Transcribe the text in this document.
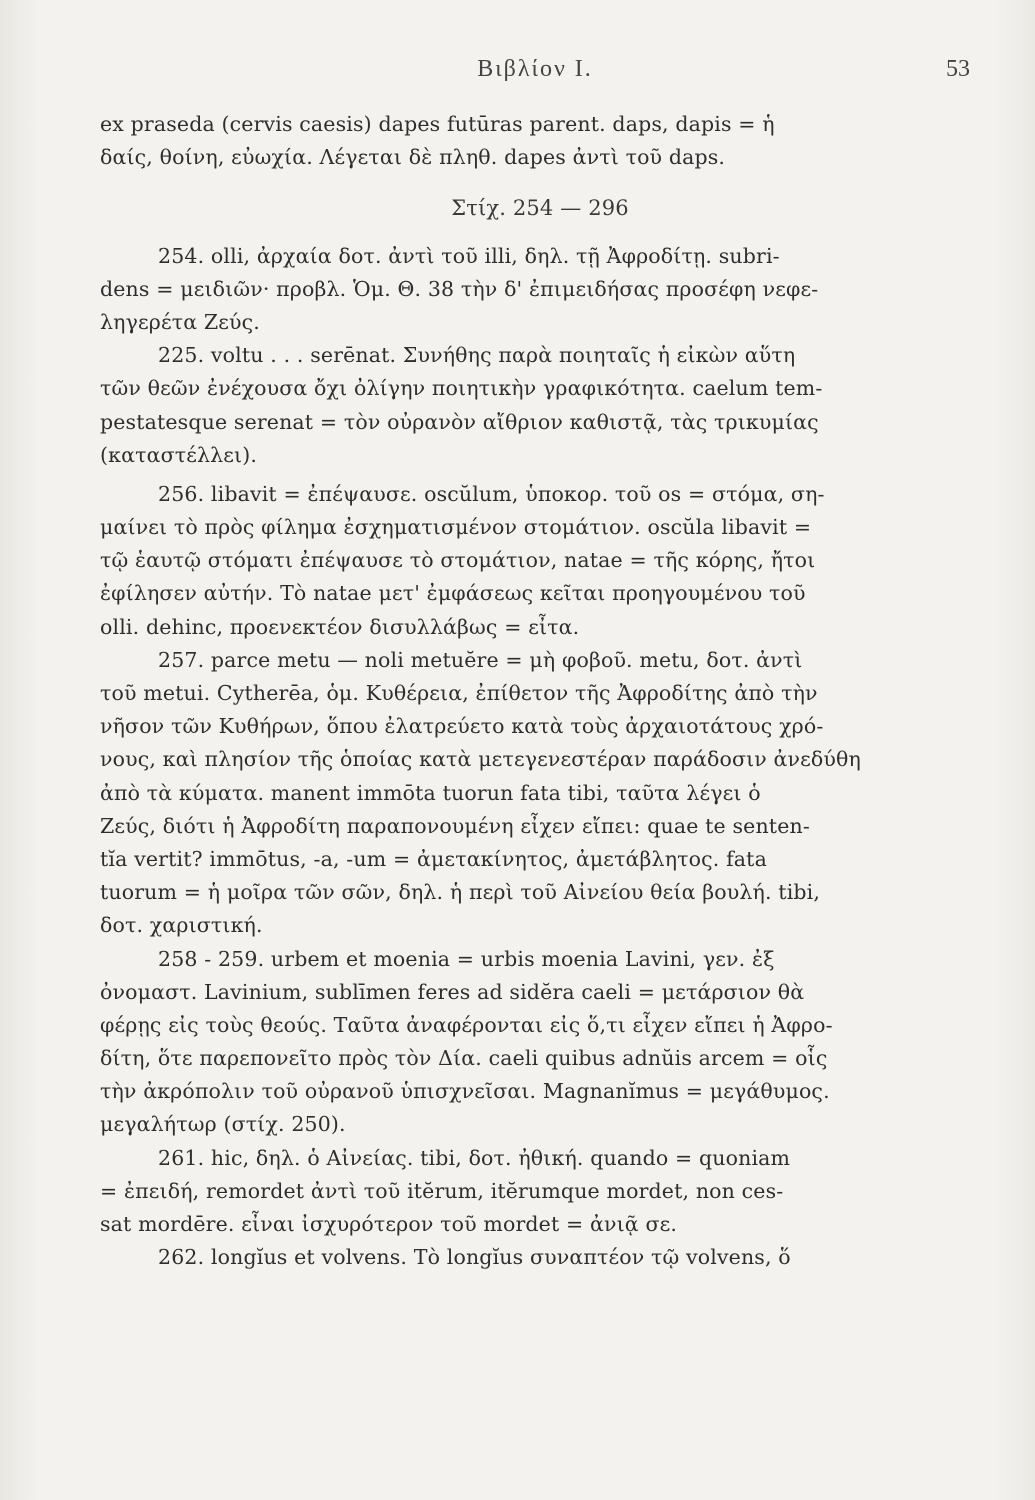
Βιβλίον I.	53
ex praseda (cervis caesis) dapes futūras parent. daps, dapis = ἡ
δαίς, θοίνη, εὐωχία. Λέγεται δὲ πληθ. dapes ἀντὶ τοῦ daps.
Στίχ. 254 — 296
254. olli, ἀρχαία δοτ. ἀντὶ τοῦ illi, δηλ. τῇ Ἀφροδίτῃ. subri-
dens = μειδιῶν· προβλ. Ὁμ. Θ. 38 τὴν δ' ἐπιμειδήσας προσέφη νεφε-
ληγερέτα Ζεύς.
225. voltu . . . serēnat. Συνήθης παρὰ ποιηταῖς ἡ εἰκὼν αὕτη
τῶν θεῶν ἐνέχουσα ὄχι ὀλίγην ποιητικὴν γραφικότητα. caelum tem-
pestatesque serenat = τὸν οὐρανὸν αἴθριον καθιστᾷ, τὰς τρικυμίας
(καταστέλλει).
256. libavit = ἐπέψαυσε. oscŭlum, ὑποκορ. τοῦ os = στόμα, ση-
μαίνει τὸ πρὸς φίλημα ἐσχηματισμένον στομάτιον. oscŭla libavit =
τῷ ἑαυτῷ στόματι ἐπέψαυσε τὸ στομάτιον, natae = τῆς κόρης, ἤτοι
ἐφίλησεν αὐτήν. Τὸ natae μετ' ἐμφάσεως κεῖται προηγουμένου τοῦ
olli. dehinc, προενεκτέον δισυλλάβως = εἶτα.
257. parce metu — noli metuĕre = μὴ φοβοῦ. metu, δοτ. ἀντὶ
τοῦ metui. Cytherēa, ὁμ. Κυθέρεια, ἐπίθετον τῆς Ἀφροδίτης ἀπὸ τὴν
νῆσον τῶν Κυθήρων, ὅπου ἐλατρεύετο κατὰ τοὺς ἀρχαιοτάτους χρό-
νους, καὶ πλησίον τῆς ὁποίας κατὰ μετεγενεστέραν παράδοσιν ἀνεδύθη
ἀπὸ τὰ κύματα. manent immōta tuorun fata tibi, ταῦτα λέγει ὁ
Ζεύς, διότι ἡ Ἀφροδίτη παραπονουμένη εἶχεν εἴπει: quae te senten-
tĭa vertit? immōtus, -a, -um = ἀμετακίνητος, ἀμετάβλητος. fata
tuorum = ἡ μοῖρα τῶν σῶν, δηλ. ἡ περὶ τοῦ Αἰνείου θεία βουλή. tibi,
δοτ. χαριστική.
258 - 259. urbem et moenia = urbis moenia Lavini, γεν. ἐξ
ὀνομαστ. Lavinium, sublīmen feres ad sidĕra caeli = μετάρσιον θὰ
φέρῃς εἰς τοὺς θεούς. Ταῦτα ἀναφέρονται εἰς ὅ,τι εἶχεν εἴπει ἡ Ἀφρο-
δίτη, ὅτε παρεπονεῖτο πρὸς τὸν Δία. caeli quibus adnŭis arcem = οἷς
τὴν ἀκρόπολιν τοῦ οὐρανοῦ ὑπισχνεῖσαι. Magnanĭmus = μεγάθυμος.
μεγαλήτωρ (στίχ. 250).
261. hic, δηλ. ὁ Αἰνείας. tibi, δοτ. ἠθική. quando = quoniam
= ἐπειδή, remordet ἀντὶ τοῦ itĕrum, itĕrumque mordet, non ces-
sat mordēre. εἶναι ἰσχυρότερον τοῦ mordet = ἀνιᾷ σε.
262. longĭus et volvens. Τὸ longĭus συναπτέον τῷ volvens, ὅ
